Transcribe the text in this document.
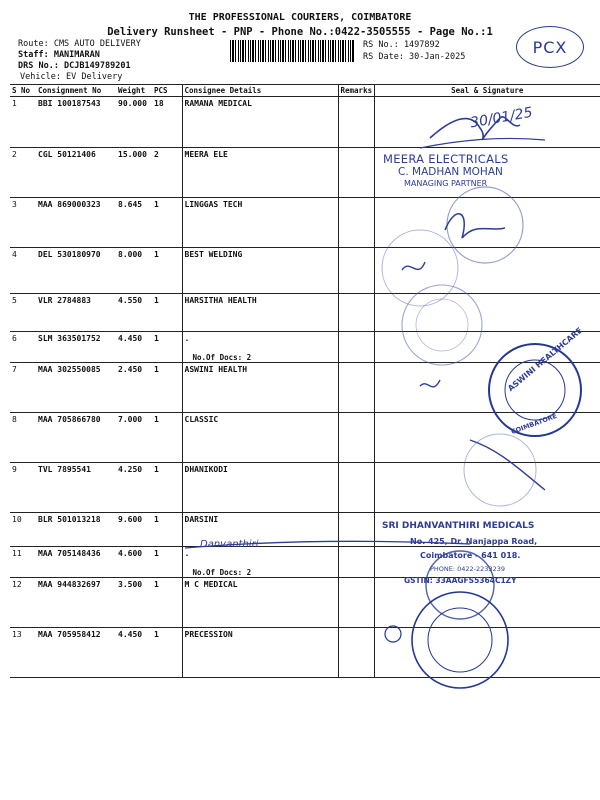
THE PROFESSIONAL COURIERS, COIMBATORE
Delivery Runsheet - PNP - Phone No.:0422-3505555 - Page No.:1
Route: CMS AUTO DELIVERY
Staff: MANIMARAN
DRS No.: DCJB149789201
Vehicle: EV Delivery
RS No.: 1497892
RS Date: 30-Jan-2025
PCX
S No	Consignment No	Weight	PCS	Consignee Details	Remarks	Seal & Signature
1	BBI 100187543	90.000	18	RAMANA MEDICAL		
2	CGL 50121406	15.000	2	MEERA ELE		
3	MAA 869000323	8.645	1	LINGGAS TECH		
4	DEL 530180970	8.000	1	BEST WELDING		
5	VLR 2784883	4.550	1	HARSITHA HEALTH		
6	SLM 363501752	4.450	1	.
No.Of Docs: 2		

7	MAA 302550085	2.450	1	ASWINI HEALTH		
8	MAA 705866780	7.000	1	CLASSIC		
9	TVL 7895541	4.250	1	DHANIKODI		
10	BLR 501013218	9.600	1	DARSINI		
11	MAA 705148436	4.600	1	.
No.Of Docs: 2		

12	MAA 944832697	3.500	1	M C MEDICAL		
13	MAA 705958412	4.450	1	PRECESSION		
30/01/25
MEERA ELECTRICALS
C. MADHAN MOHAN
MANAGING PARTNER
ASWINI HEALTHCARE
COIMBATORE
SRI DHANVANTHIRI MEDICALS
No. 425, Dr. Nanjappa Road,
Coimbatore - 641 018.
PHONE: 0422-2233239
GSTIN: 33AAGFS5364C1ZY
Danvanthiri
